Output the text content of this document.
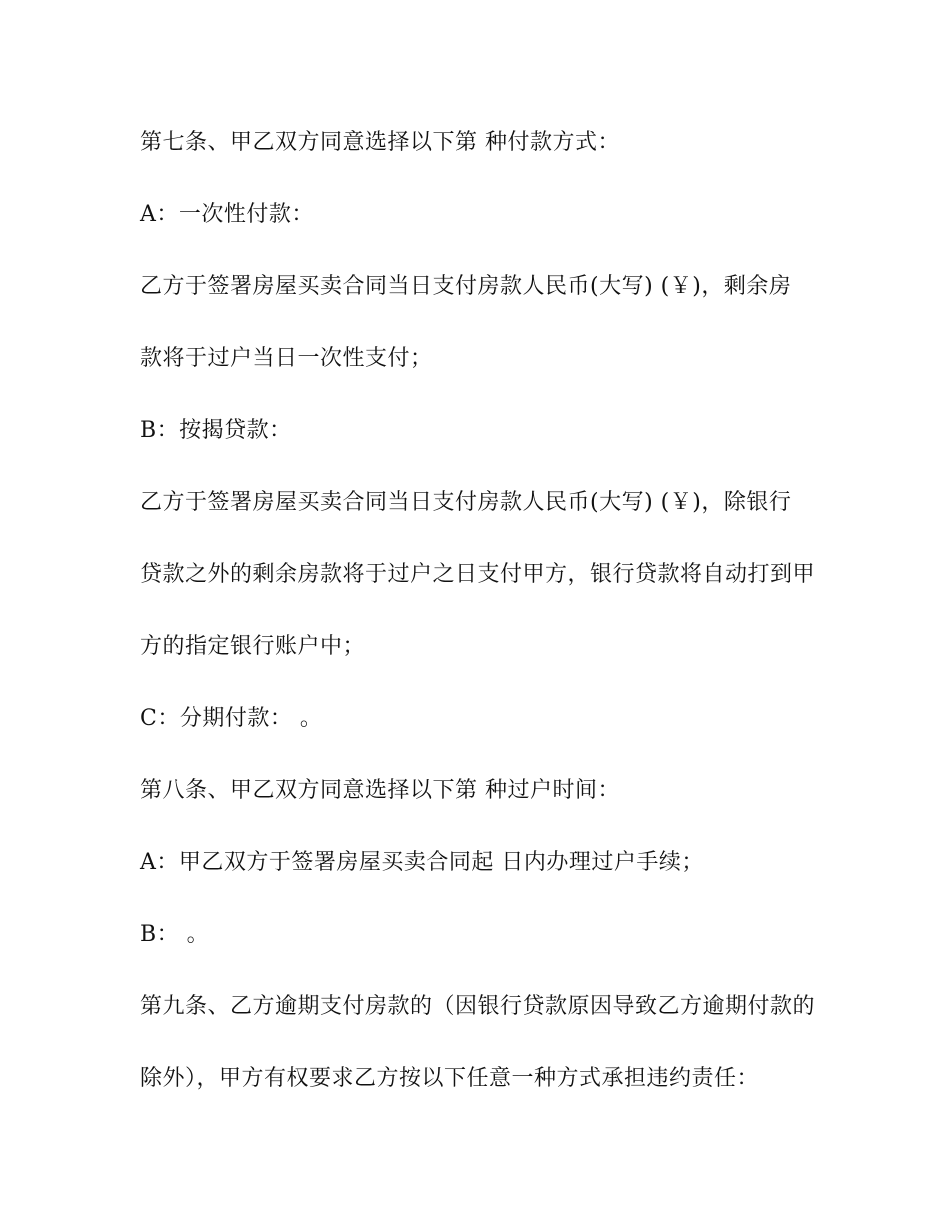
第七条、甲乙双方同意选择以下第 种付款方式：
A：一次性付款：
乙方于签署房屋买卖合同当日支付房款人民币(大写) (￥)，剩余房
款将于过户当日一次性支付；
B：按揭贷款：
乙方于签署房屋买卖合同当日支付房款人民币(大写) (￥)，除银行
贷款之外的剩余房款将于过户之日支付甲方，银行贷款将自动打到甲
方的指定银行账户中；
C：分期付款： 。
第八条、甲乙双方同意选择以下第 种过户时间：
A：甲乙双方于签署房屋买卖合同起 日内办理过户手续；
B： 。
第九条、乙方逾期支付房款的（因银行贷款原因导致乙方逾期付款的
除外），甲方有权要求乙方按以下任意一种方式承担违约责任：
